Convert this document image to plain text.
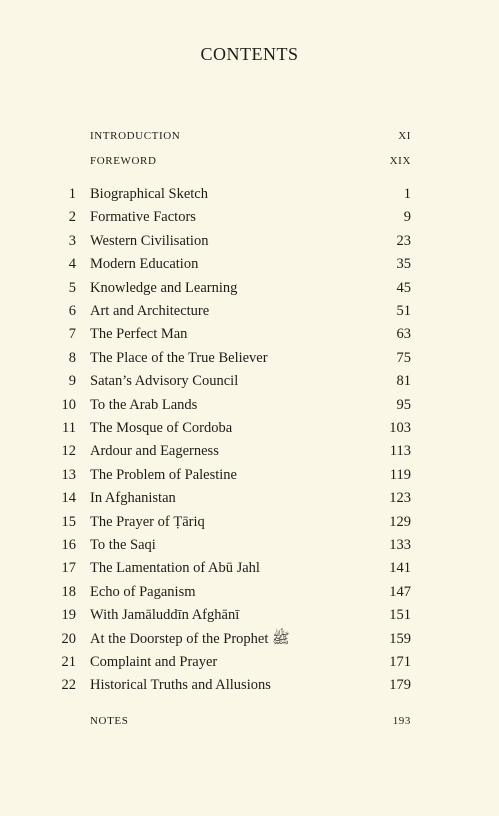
CONTENTS
INTRODUCTION	XI
FOREWORD	XIX
1 Biographical Sketch	1
2 Formative Factors	9
3 Western Civilisation	23
4 Modern Education	35
5 Knowledge and Learning	45
6 Art and Architecture	51
7 The Perfect Man	63
8 The Place of the True Believer	75
9 Satan’s Advisory Council	81
10 To the Arab Lands	95
11 The Mosque of Cordoba	103
12 Ardour and Eagerness	113
13 The Problem of Palestine	119
14 In Afghanistan	123
15 The Prayer of Ṭāriq	129
16 To the Saqi	133
17 The Lamentation of Abū Jahl	141
18 Echo of Paganism	147
19 With Jamāluddīn Afghānī	151
20 At the Doorstep of the Prophet ﷺ	159
21 Complaint and Prayer	171
22 Historical Truths and Allusions	179
NOTES	193
